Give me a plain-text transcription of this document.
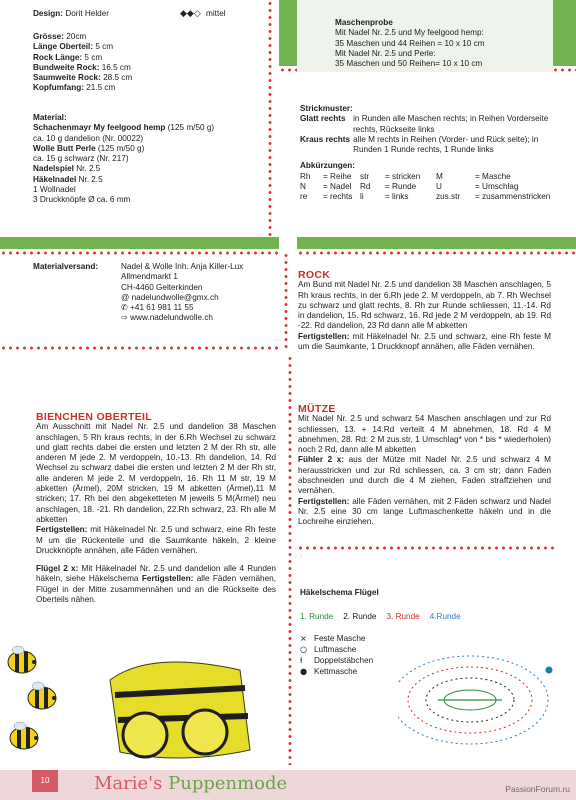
Design: Dorit Helder	◆◆◇ mittel
Grösse: 20cm
Länge Oberteil: 5 cm
Rock Länge: 5 cm
Bundweite Rock: 16.5 cm
Saumweite Rock: 28.5 cm
Kopfumfang: 21.5 cm
Material:
Schachenmayr My feelgood hemp (125 m/50 g)
ca. 10 g dandelion (Nr. 00022)
Wolle Butt Perle (125 m/50 g)
ca. 15 g schwarz (Nr. 217)
Nadelspiel Nr. 2.5
Häkelnadel Nr. 2.5
1 Wollnadel
3 Druckknöpfe Ø ca. 6 mm
Maschenprobe
Mit Nadel Nr. 2.5 und My feelgood hemp:
35 Maschen und 44 Reihen = 10 x 10 cm
Mit Nadel Nr. 2.5 und Perle:
35 Maschen und 50 Reihen= 10 x 10 cm
Strickmuster:
Glatt rechts	in Runden alle Maschen rechts; in Reihen Vorderseite rechts, Rückseite links
Kraus rechts	alle M rechts in Reihen (Vorder- und Rück seite); in Runden 1 Runde rechts, 1 Runde links
Abkürzungen:
Rh	= Reihe	str	= stricken	M	= Masche
N	= Nadel	Rd	= Runde	U	= Umschlag
re	= rechts	li	= links	zus.str	= zusammenstricken
Materialversand:	Nadel & Wolle Inh. Anja Killer-Lux
Allmendmarkt 1
CH-4460 Gelterkinden
@ nadelundwolle@gmx.ch
✆ +41 61 981 11 55
⇨ www.nadelundwolle.ch
ROCK
Am Bund mit Nadel Nr. 2.5 und dandelion 38 Maschen anschlagen, 5 Rh kraus rechts, in der 6.Rh jede 2. M verdoppeln, ab 7. Rh Wechsel zu schwarz und glatt rechts, 8. Rh zur Runde schliessen, 11.-14. Rd in dandelion, 15. Rd schwarz, 16. Rd jede 2 M verdoppeln, ab 19. Rd -22. Rd dandelion, 23 Rd dann alle M abketten
Fertigstellen: mit Häkelnadel Nr. 2.5 und schwarz, eine Rh feste M um die Saumkante, 1 Druckknopf annähen, alle Fäden vernähen.
MÜTZE
Mit Nadel Nr. 2.5 und schwarz 54 Maschen anschlagen und zur Rd schliessen, 13. + 14.Rd verteilt 4 M abnehmen, 18. Rd 4 M abnehmen, 28. Rd: 2 M zus.str, 1 Umschlag* von * bis * wiederholen) noch 2 Rd, dann alle M abketten
Fühler 2 x: aus der Mütze mit Nadel Nr. 2.5 und schwarz 4 M herausstricken und zur Rd schliessen, ca. 3 cm str; dann Faden abschneiden und durch die 4 M ziehen, Faden straffziehen und vernähen.
Fertigstellen: alle Fäden vernähen, mit 2 Fäden schwarz und Nadel Nr. 2.5 eine 30 cm lange Luftmaschenkette häkeln und in die Lochreihe einziehen.
BIENCHEN OBERTEIL
Am Ausschnitt mit Nadel Nr. 2.5 und dandelion 38 Maschen anschlagen, 5 Rh kraus rechts, in der 6.Rh Wechsel zu schwarz und glatt rechts dabei die ersten und letzten 2 M der Rh str, alle anderen M jede 2. M verdoppeln, 10.-13. Rh dandelion, 14. Rd Wechsel zu schwarz dabei die ersten und letzten 2 M der Rh str, alle anderen M jede 2. M verdoppeln, 16. Rh 11 M str, 19 M abketten (Ärmel), 20M stricken, 19 M abketten (Ärmel),11 M stricken; 17. Rh bei den abgeketteten M jeweils 5 M(Ärmel) neu anschlagen, 18. -21. Rh dandelion, 22.Rh schwarz, 23. Rh alle M abketten
Fertigstellen: mit Häkelnadel Nr. 2.5 und schwarz, eine Rh feste M um die Rückenteile und die Saumkante häkeln, 2 kleine Druckknöpfe annähen, alle Fäden vernähen.
Flügel 2 x: Mit Häkelnadel Nr. 2.5 und dandelion alle 4 Runden häkeln, siehe Häkelschema Fertigstellen: alle Fäden vernähen, Flügel in der Mitte zusammennähen und an die Rückseite des Oberteils nähen.
Häkelschema Flügel
1. Runde 2. Runde 3. Runde 4.Runde
× Feste Masche
○ Luftmasche
ƚ Doppelstäbchen
● Kettmasche
10	Marie's Puppenmode	PassionForum.ru
